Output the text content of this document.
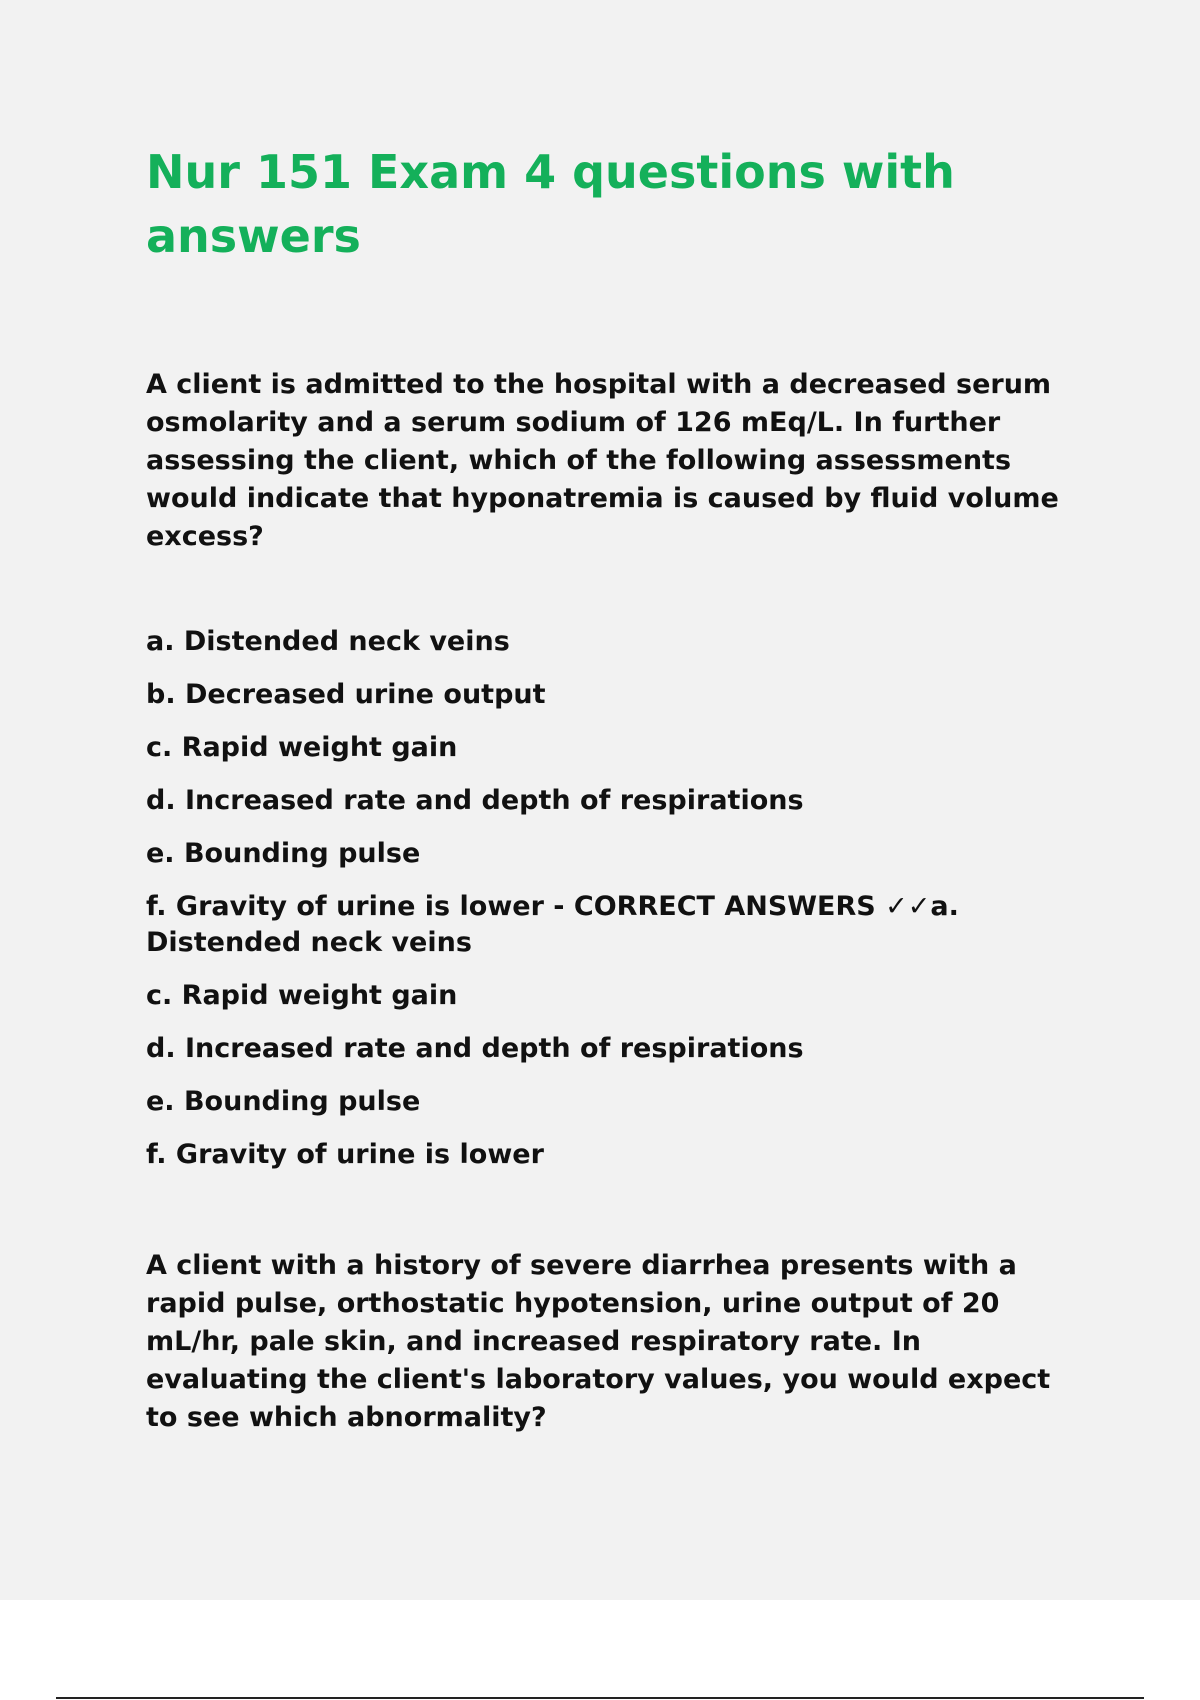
Nur 151 Exam 4 questions with answers

A client is admitted to the hospital with a decreased serum osmolarity and a serum sodium of 126 mEq/L. In further assessing the client, which of the following assessments would indicate that hyponatremia is caused by fluid volume excess?

a. Distended neck veins

b. Decreased urine output

c. Rapid weight gain

d. Increased rate and depth of respirations

e. Bounding pulse

f. Gravity of urine is lower - CORRECT ANSWERS ✓✓a. Distended neck veins

c. Rapid weight gain

d. Increased rate and depth of respirations

e. Bounding pulse

f. Gravity of urine is lower

A client with a history of severe diarrhea presents with a rapid pulse, orthostatic hypotension, urine output of 20 mL/hr, pale skin, and increased respiratory rate. In evaluating the client's laboratory values, you would expect to see which abnormality?
